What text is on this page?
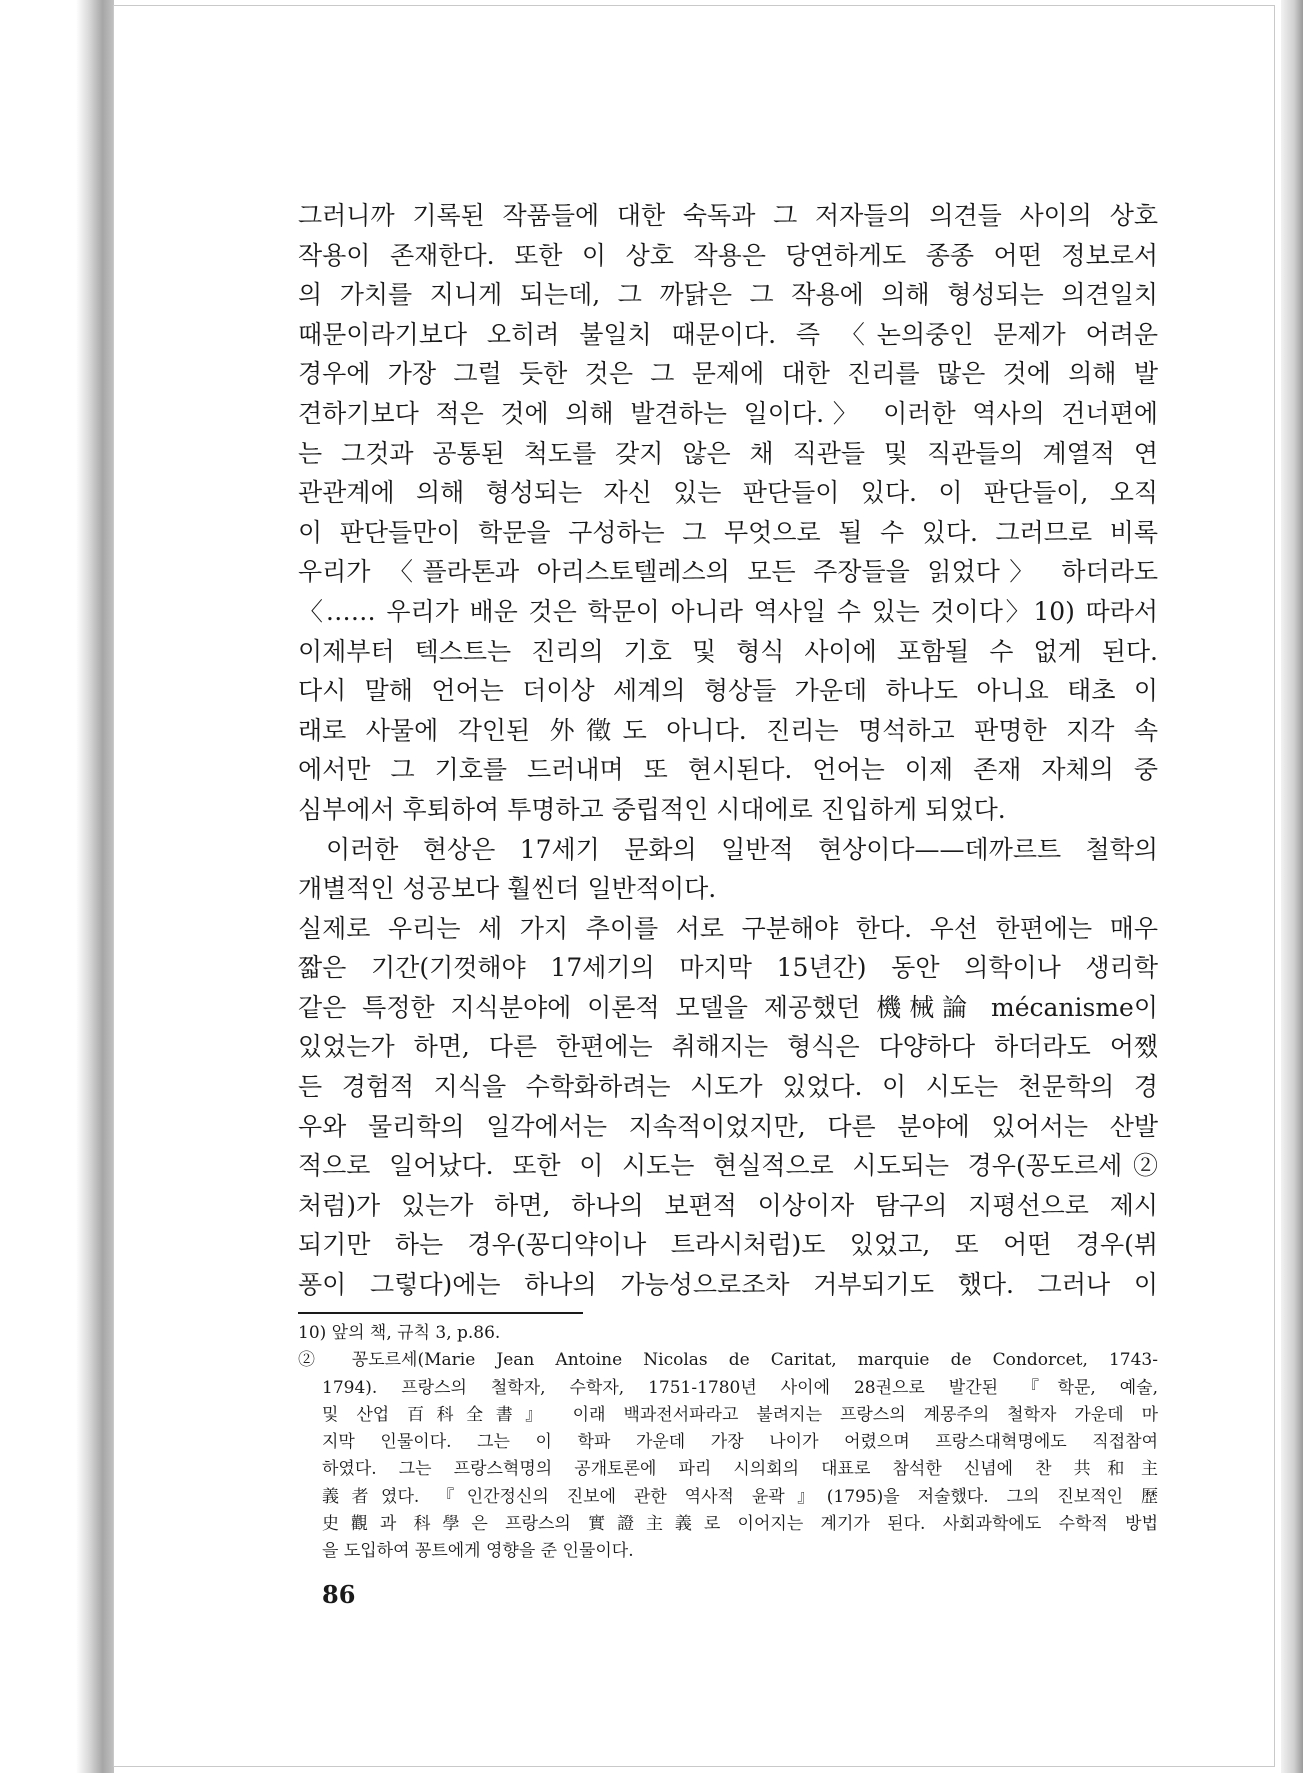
그러니까 기록된 작품들에 대한 숙독과 그 저자들의 의견들 사이의 상호
작용이 존재한다. 또한 이 상호 작용은 당연하게도 종종 어떤 정보로서
의 가치를 지니게 되는데, 그 까닭은 그 작용에 의해 형성되는 의견일치
때문이라기보다 오히려 불일치 때문이다. 즉 〈논의중인 문제가 어려운
경우에 가장 그럴 듯한 것은 그 문제에 대한 진리를 많은 것에 의해 발
견하기보다 적은 것에 의해 발견하는 일이다.〉 이러한 역사의 건너편에
는 그것과 공통된 척도를 갖지 않은 채 직관들 및 직관들의 계열적 연
관관계에 의해 형성되는 자신 있는 판단들이 있다. 이 판단들이, 오직
이 판단들만이 학문을 구성하는 그 무엇으로 될 수 있다. 그러므로 비록
우리가 〈플라톤과 아리스토텔레스의 모든 주장들을 읽었다〉 하더라도
〈…… 우리가 배운 것은 학문이 아니라 역사일 수 있는 것이다〉10) 따라서
이제부터 텍스트는 진리의 기호 및 형식 사이에 포함될 수 없게 된다.
다시 말해 언어는 더이상 세계의 형상들 가운데 하나도 아니요 태초 이
래로 사물에 각인된 外徵도 아니다. 진리는 명석하고 판명한 지각 속
에서만 그 기호를 드러내며 또 현시된다. 언어는 이제 존재 자체의 중
심부에서 후퇴하여 투명하고 중립적인 시대에로 진입하게 되었다.
이러한 현상은 17세기 문화의 일반적 현상이다——데까르트 철학의
개별적인 성공보다 훨씬더 일반적이다.
실제로 우리는 세 가지 추이를 서로 구분해야 한다. 우선 한편에는 매우
짧은 기간(기껏해야 17세기의 마지막 15년간) 동안 의학이나 생리학
같은 특정한 지식분야에 이론적 모델을 제공했던 機械論 mécanisme이
있었는가 하면, 다른 한편에는 취해지는 형식은 다양하다 하더라도 어쨌
든 경험적 지식을 수학화하려는 시도가 있었다. 이 시도는 천문학의 경
우와 물리학의 일각에서는 지속적이었지만, 다른 분야에 있어서는 산발
적으로 일어났다. 또한 이 시도는 현실적으로 시도되는 경우(꽁도르세②
처럼)가 있는가 하면, 하나의 보편적 이상이자 탐구의 지평선으로 제시
되기만 하는 경우(꽁디약이나 트라시처럼)도 있었고, 또 어떤 경우(뷔
퐁이 그렇다)에는 하나의 가능성으로조차 거부되기도 했다. 그러나 이
10) 앞의 책, 규칙 3, p.86.
② 꽁도르세(Marie Jean Antoine Nicolas de Caritat, marquie de Condorcet, 1743-
1794). 프랑스의 철학자, 수학자, 1751-1780년 사이에 28권으로 발간된 『학문, 예술,
및 산업 百科全書』 이래 백과전서파라고 불려지는 프랑스의 계몽주의 철학자 가운데 마
지막 인물이다. 그는 이 학파 가운데 가장 나이가 어렸으며 프랑스대혁명에도 직접참여
하였다. 그는 프랑스혁명의 공개토론에 파리 시의회의 대표로 참석한 신념에 찬 共和主
義者였다. 『인간정신의 진보에 관한 역사적 윤곽』(1795)을 저술했다. 그의 진보적인 歷
史觀과 科學은 프랑스의 實證主義로 이어지는 계기가 된다. 사회과학에도 수학적 방법
을 도입하여 꽁트에게 영향을 준 인물이다.
86
